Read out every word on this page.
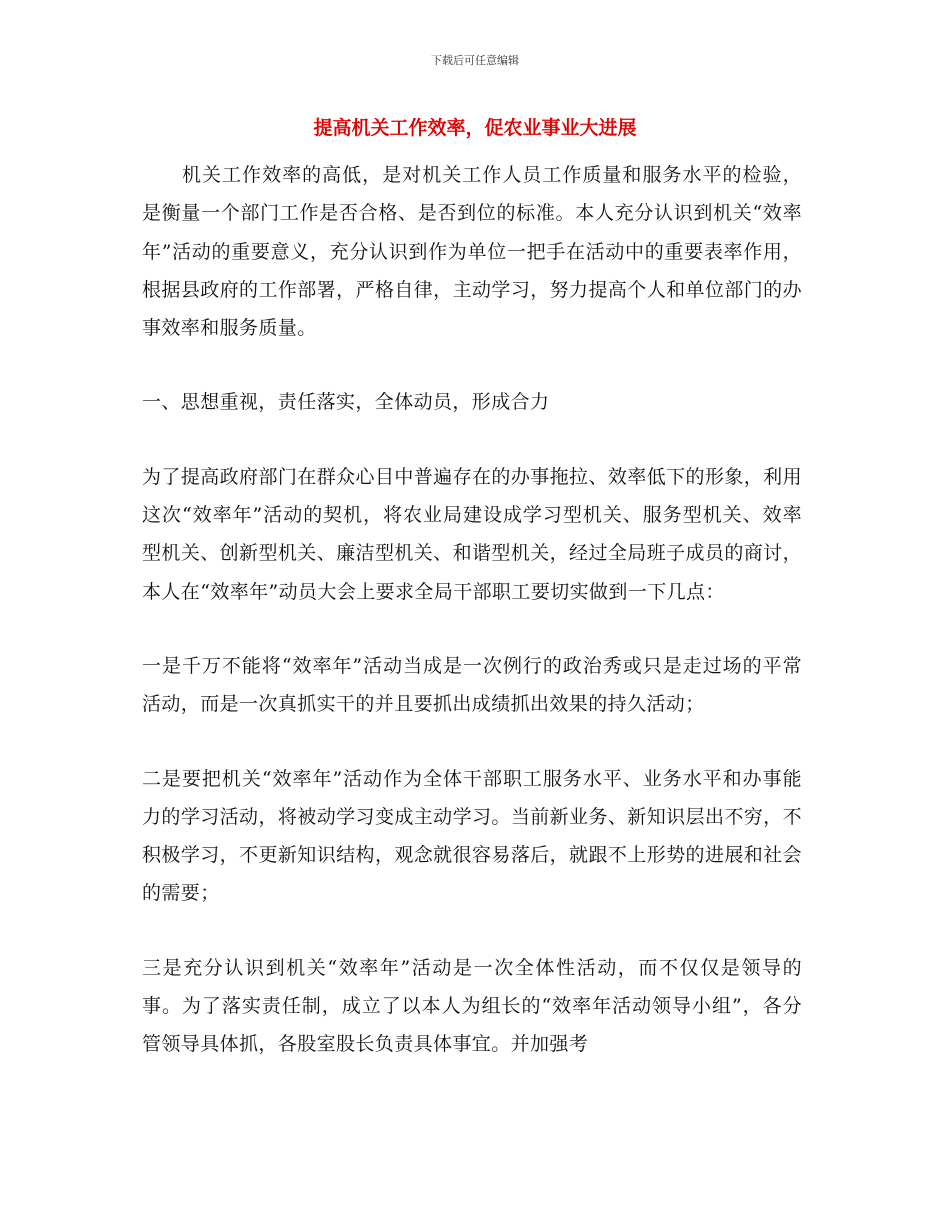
下载后可任意编辑
提高机关工作效率，促农业事业大进展

机关工作效率的高低，是对机关工作人员工作质量和服务水平的检验，是衡量一个部门工作是否合格、是否到位的标准。本人充分认识到机关“效率年”活动的重要意义，充分认识到作为单位一把手在活动中的重要表率作用，根据县政府的工作部署，严格自律，主动学习，努力提高个人和单位部门的办事效率和服务质量。

一、思想重视，责任落实，全体动员，形成合力

为了提高政府部门在群众心目中普遍存在的办事拖拉、效率低下的形象，利用这次“效率年”活动的契机，将农业局建设成学习型机关、服务型机关、效率型机关、创新型机关、廉洁型机关、和谐型机关，经过全局班子成员的商讨，本人在“效率年”动员大会上要求全局干部职工要切实做到一下几点：

一是千万不能将“效率年”活动当成是一次例行的政治秀或只是走过场的平常活动，而是一次真抓实干的并且要抓出成绩抓出效果的持久活动；

二是要把机关“效率年”活动作为全体干部职工服务水平、业务水平和办事能力的学习活动，将被动学习变成主动学习。当前新业务、新知识层出不穷，不积极学习，不更新知识结构，观念就很容易落后，就跟不上形势的进展和社会的需要；

三是充分认识到机关“效率年”活动是一次全体性活动，而不仅仅是领导的事。为了落实责任制，成立了以本人为组长的“效率年活动领导小组”，各分管领导具体抓，各股室股长负责具体事宜。并加强考
